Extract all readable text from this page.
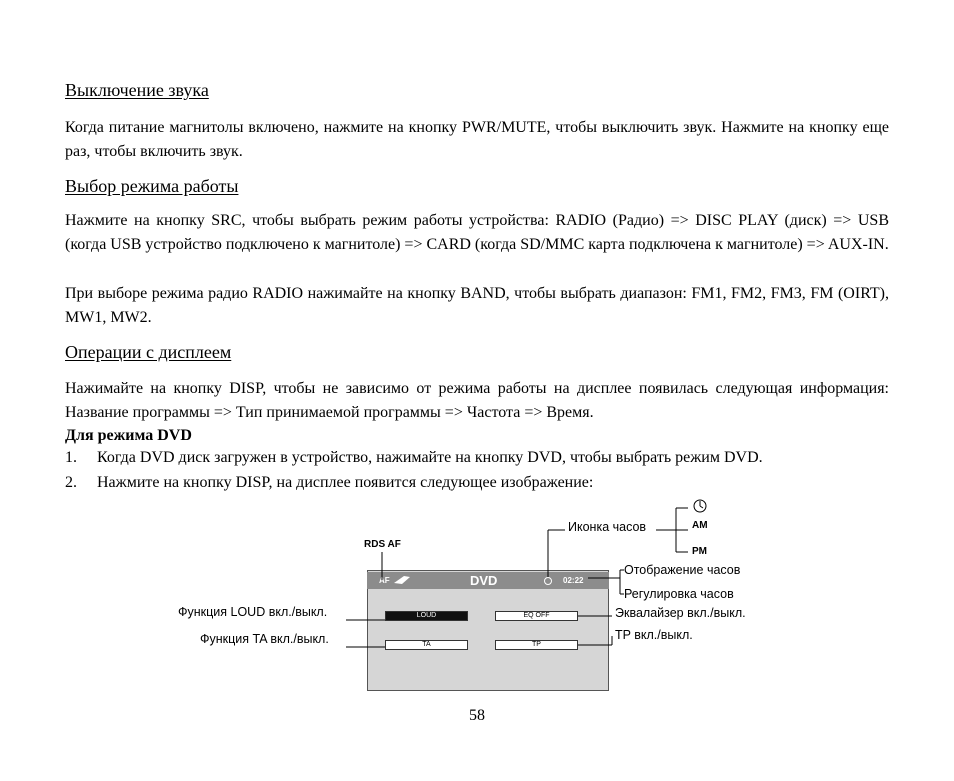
Выключение звука
Когда питание магнитолы включено, нажмите на кнопку PWR/MUTE, чтобы выключить звук. Нажмите на кнопку еще раз, чтобы включить звук.
Выбор режима работы
Нажмите на кнопку SRC, чтобы выбрать режим работы устройства: RADIO (Радио) => DISC PLAY (диск) => USB (когда USB устройство подключено к магнитоле) => CARD (когда SD/MMC карта подключена к магнитоле) => AUX-IN.
При выборе режима радио RADIO нажимайте на кнопку BAND, чтобы выбрать диапазон: FM1, FM2, FM3, FM (OIRT), MW1, MW2.
Операции с дисплеем
Нажимайте на кнопку DISP, чтобы не зависимо от режима работы на дисплее появилась следующая информация: Название программы => Тип принимаемой программы => Частота => Время.
Для режима DVD
1. Когда DVD диск загружен в устройство, нажимайте на кнопку DVD, чтобы выбрать режим DVD.
2. Нажмите на кнопку DISP, на дисплее появится следующее изображение:
AF	DVD	02:22
LOUD	EQ OFF
TA	TP
RDS AF
Иконка часов	AM
PM
Отображение часов
Регулировка часов
Функция LOUD вкл./выкл.
Функция TA вкл./выкл.
Эквалайзер вкл./выкл.
TP вкл./выкл.
58
